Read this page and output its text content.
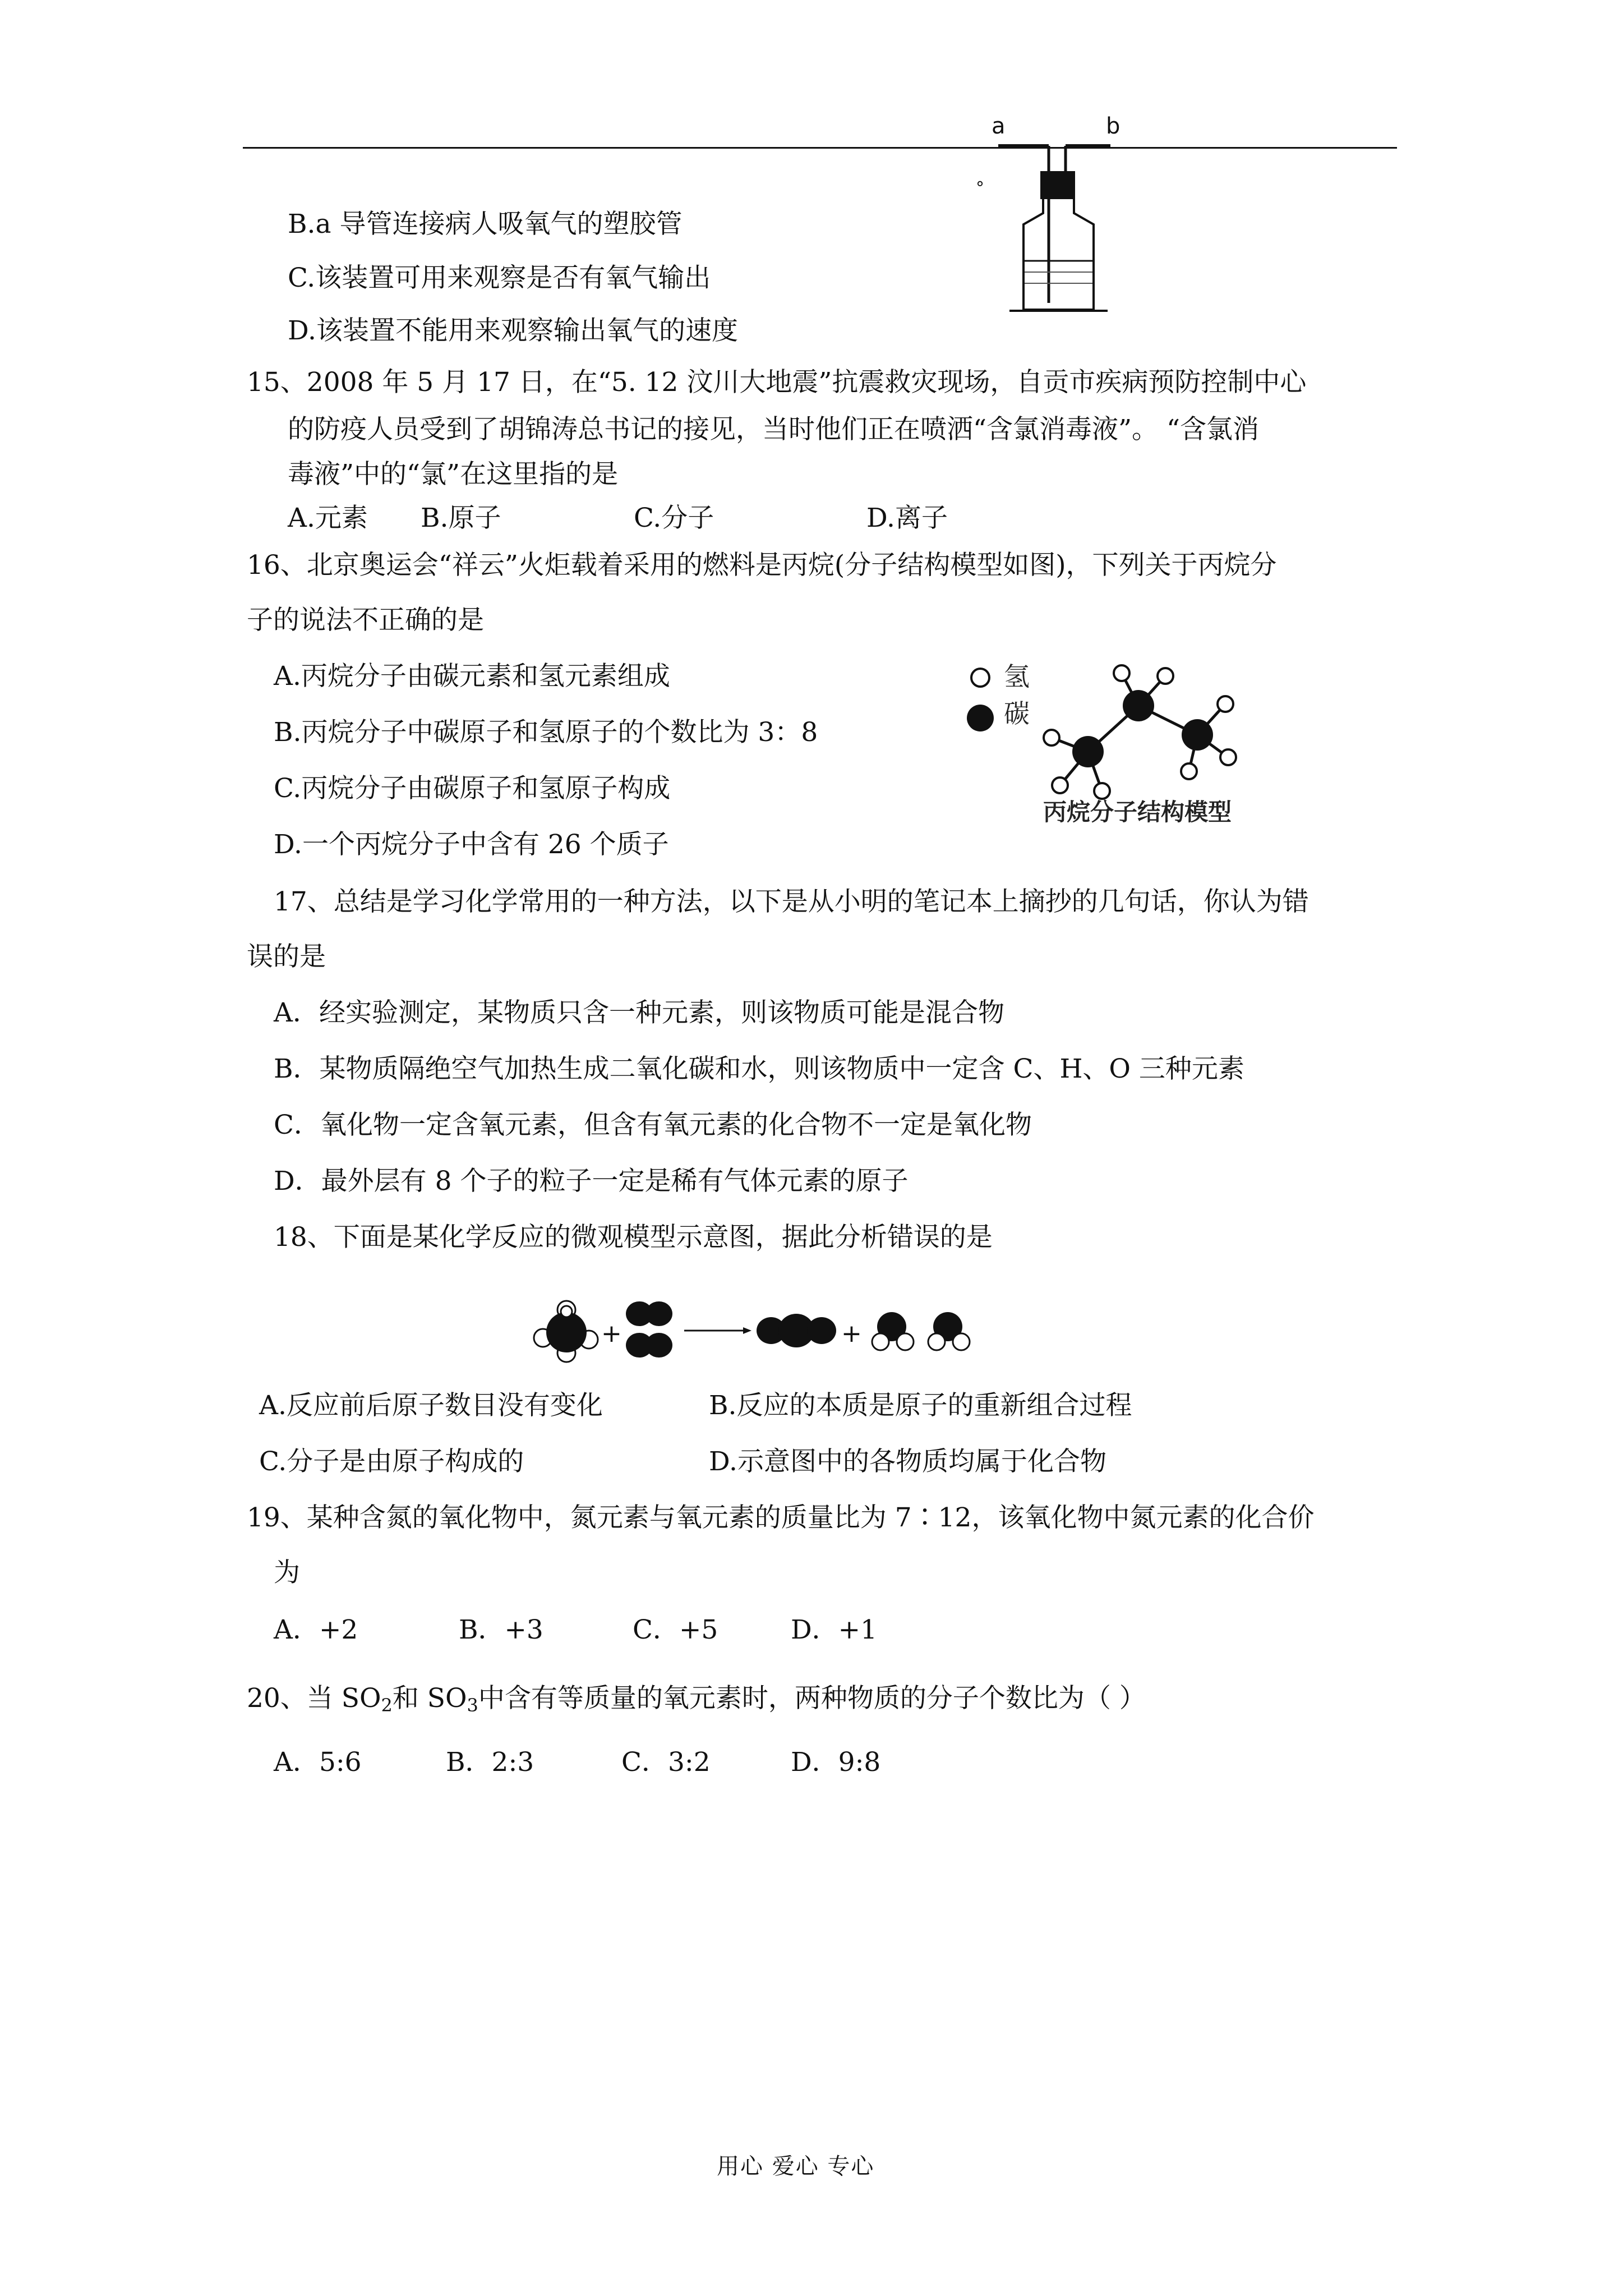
a	b
°
B.a 导管连接病人吸氧气的塑胶管
C.该装置可用来观察是否有氧气输出
D.该装置不能用来观察输出氧气的速度
15、2008 年 5 月 17 日，在“5. 12 汶川大地震”抗震救灾现场，自贡市疾病预防控制中心
的防疫人员受到了胡锦涛总书记的接见，当时他们正在喷洒“含氯消毒液”。 “含氯消
毒液”中的“氯”在这里指的是
A.元素 B.原子	C.分子	D.离子
16、北京奥运会“祥云”火炬载着采用的燃料是丙烷(分子结构模型如图)，下列关于丙烷分
子的说法不正确的是
A.丙烷分子由碳元素和氢元素组成
B.丙烷分子中碳原子和氢原子的个数比为 3：8
C.丙烷分子由碳原子和氢原子构成
D.一个丙烷分子中含有 26 个质子
氢
碳
丙烷分子结构模型
17、总结是学习化学常用的一种方法，以下是从小明的笔记本上摘抄的几句话，你认为错
误的是
A．经实验测定，某物质只含一种元素，则该物质可能是混合物
B．某物质隔绝空气加热生成二氧化碳和水，则该物质中一定含 C、H、O 三种元素
C．氧化物一定含氧元素，但含有氧元素的化合物不一定是氧化物
D．最外层有 8 个子的粒子一定是稀有气体元素的原子
18、下面是某化学反应的微观模型示意图，据此分析错误的是
+	+
A.反应前后原子数目没有变化	B.反应的本质是原子的重新组合过程
C.分子是由原子构成的	D.示意图中的各物质均属于化合物
19、某种含氮的氧化物中，氮元素与氧元素的质量比为 7∶12，该氧化物中氮元素的化合价
为
A．+2	B．+3	C．+5	D．+1
20、当 $SO_2$和 $SO_3$中含有等质量的氧元素时，两种物质的分子个数比为（ ）
A．5:6	B．2:3	C．3:2	D．9:8
用心 爱心 专心
